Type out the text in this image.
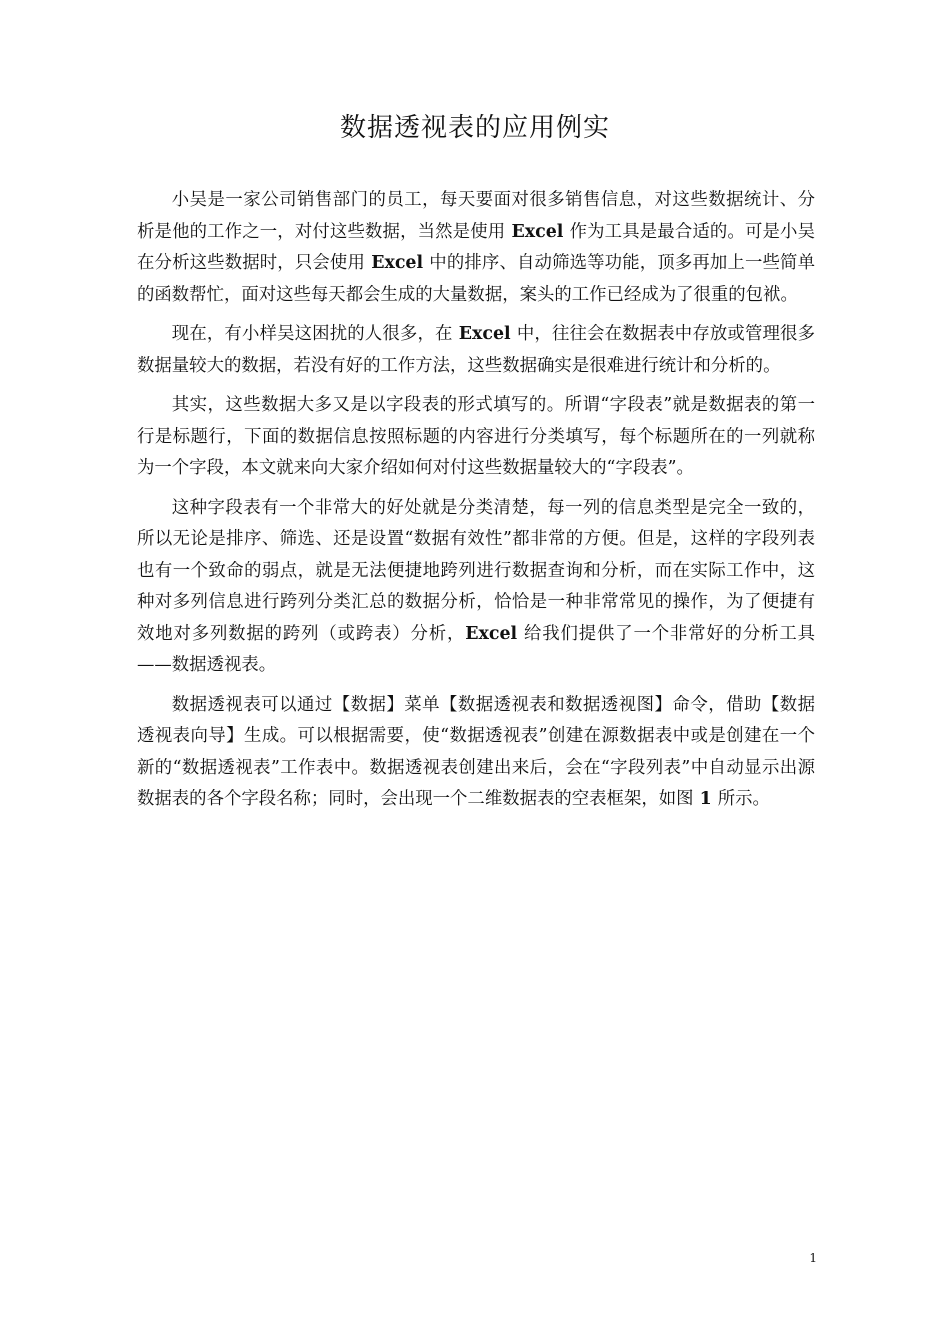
数据透视表的应用例实

小吴是一家公司销售部门的员工，每天要面对很多销售信息，对这些数据统计、分析是他的工作之一，对付这些数据，当然是使用 Excel 作为工具是最合适的。可是小吴在分析这些数据时，只会使用 Excel 中的排序、自动筛选等功能，顶多再加上一些简单的函数帮忙，面对这些每天都会生成的大量数据，案头的工作已经成为了很重的包袱。

现在，有小样吴这困扰的人很多，在 Excel 中，往往会在数据表中存放或管理很多数据量较大的数据，若没有好的工作方法，这些数据确实是很难进行统计和分析的。

其实，这些数据大多又是以字段表的形式填写的。所谓“字段表”就是数据表的第一行是标题行，下面的数据信息按照标题的内容进行分类填写，每个标题所在的一列就称为一个字段，本文就来向大家介绍如何对付这些数据量较大的“字段表”。

这种字段表有一个非常大的好处就是分类清楚，每一列的信息类型是完全一致的，所以无论是排序、筛选、还是设置“数据有效性”都非常的方便。但是，这样的字段列表也有一个致命的弱点，就是无法便捷地跨列进行数据查询和分析，而在实际工作中，这种对多列信息进行跨列分类汇总的数据分析，恰恰是一种非常常见的操作，为了便捷有效地对多列数据的跨列（或跨表）分析，Excel 给我们提供了一个非常好的分析工具——数据透视表。

数据透视表可以通过【数据】菜单【数据透视表和数据透视图】命令，借助【数据透视表向导】生成。可以根据需要，使“数据透视表”创建在源数据表中或是创建在一个新的“数据透视表”工作表中。数据透视表创建出来后，会在“字段列表”中自动显示出源数据表的各个字段名称；同时，会出现一个二维数据表的空表框架，如图 1 所示。

1
